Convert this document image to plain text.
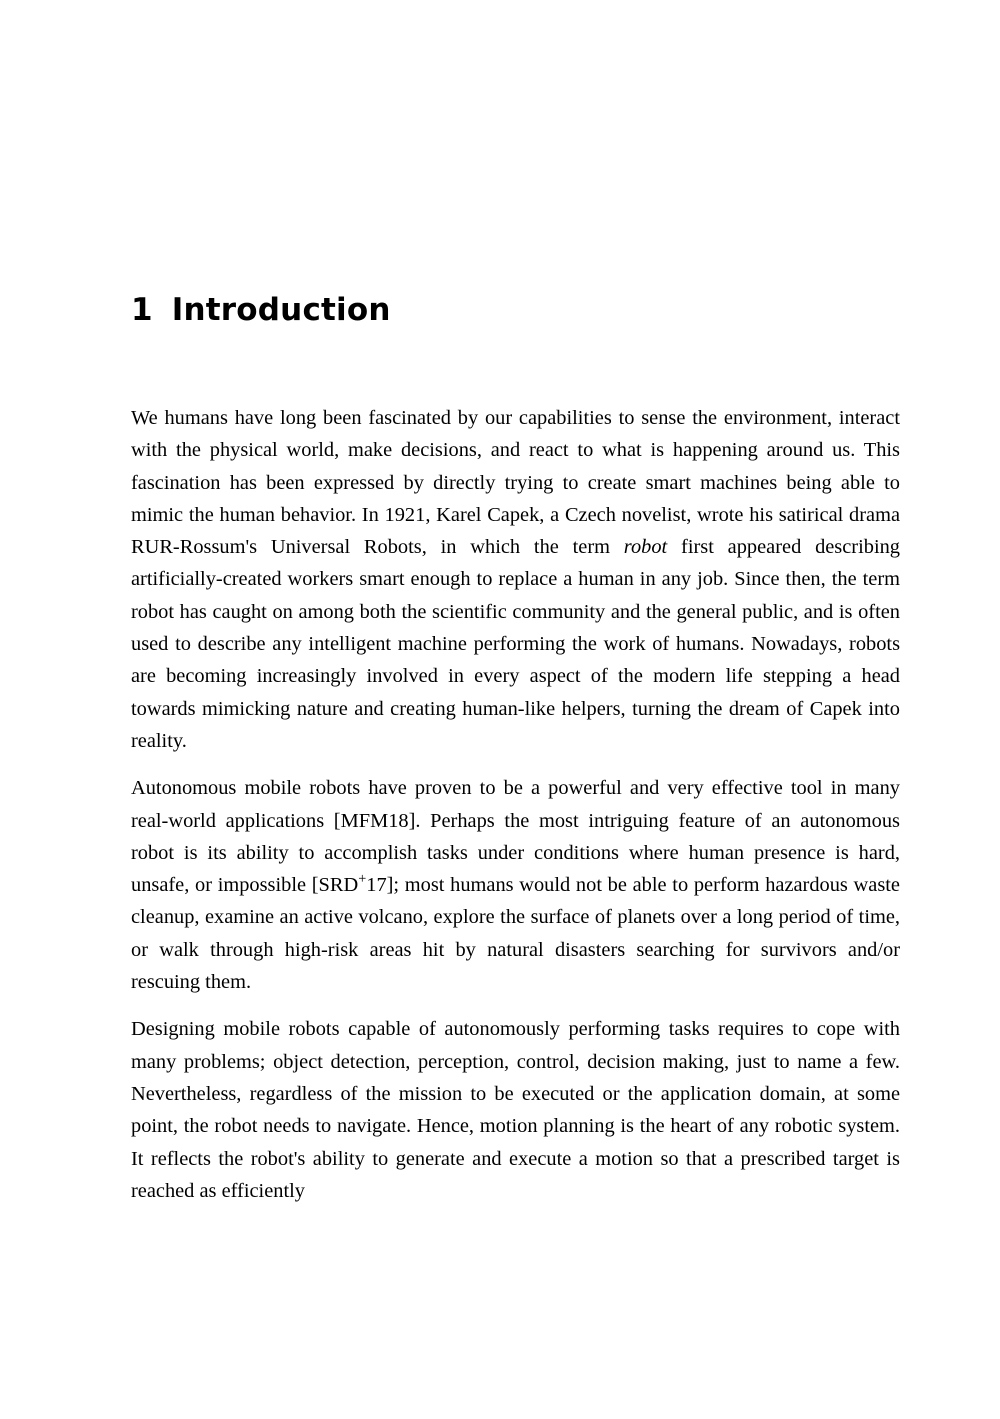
1 Introduction

We humans have long been fascinated by our capabilities to sense the environment, interact with the physical world, make decisions, and react to what is happening around us. This fascination has been expressed by directly trying to create smart machines being able to mimic the human behavior. In 1921, Karel Capek, a Czech novelist, wrote his satirical drama RUR-Rossum's Universal Robots, in which the term robot first appeared describing artificially-created workers smart enough to replace a human in any job. Since then, the term robot has caught on among both the scientific community and the general public, and is often used to describe any intelligent machine performing the work of humans. Nowadays, robots are becoming increasingly involved in every aspect of the modern life stepping a head towards mimicking nature and creating human-like helpers, turning the dream of Capek into reality.

Autonomous mobile robots have proven to be a powerful and very effective tool in many real-world applications [MFM18]. Perhaps the most intriguing feature of an autonomous robot is its ability to accomplish tasks under conditions where human presence is hard, unsafe, or impossible [SRD+17]; most humans would not be able to perform hazardous waste cleanup, examine an active volcano, explore the surface of planets over a long period of time, or walk through high-risk areas hit by natural disasters searching for survivors and/or rescuing them.

Designing mobile robots capable of autonomously performing tasks requires to cope with many problems; object detection, perception, control, decision making, just to name a few. Nevertheless, regardless of the mission to be executed or the application domain, at some point, the robot needs to navigate. Hence, motion planning is the heart of any robotic system. It reflects the robot's ability to generate and execute a motion so that a prescribed target is reached as efficiently
